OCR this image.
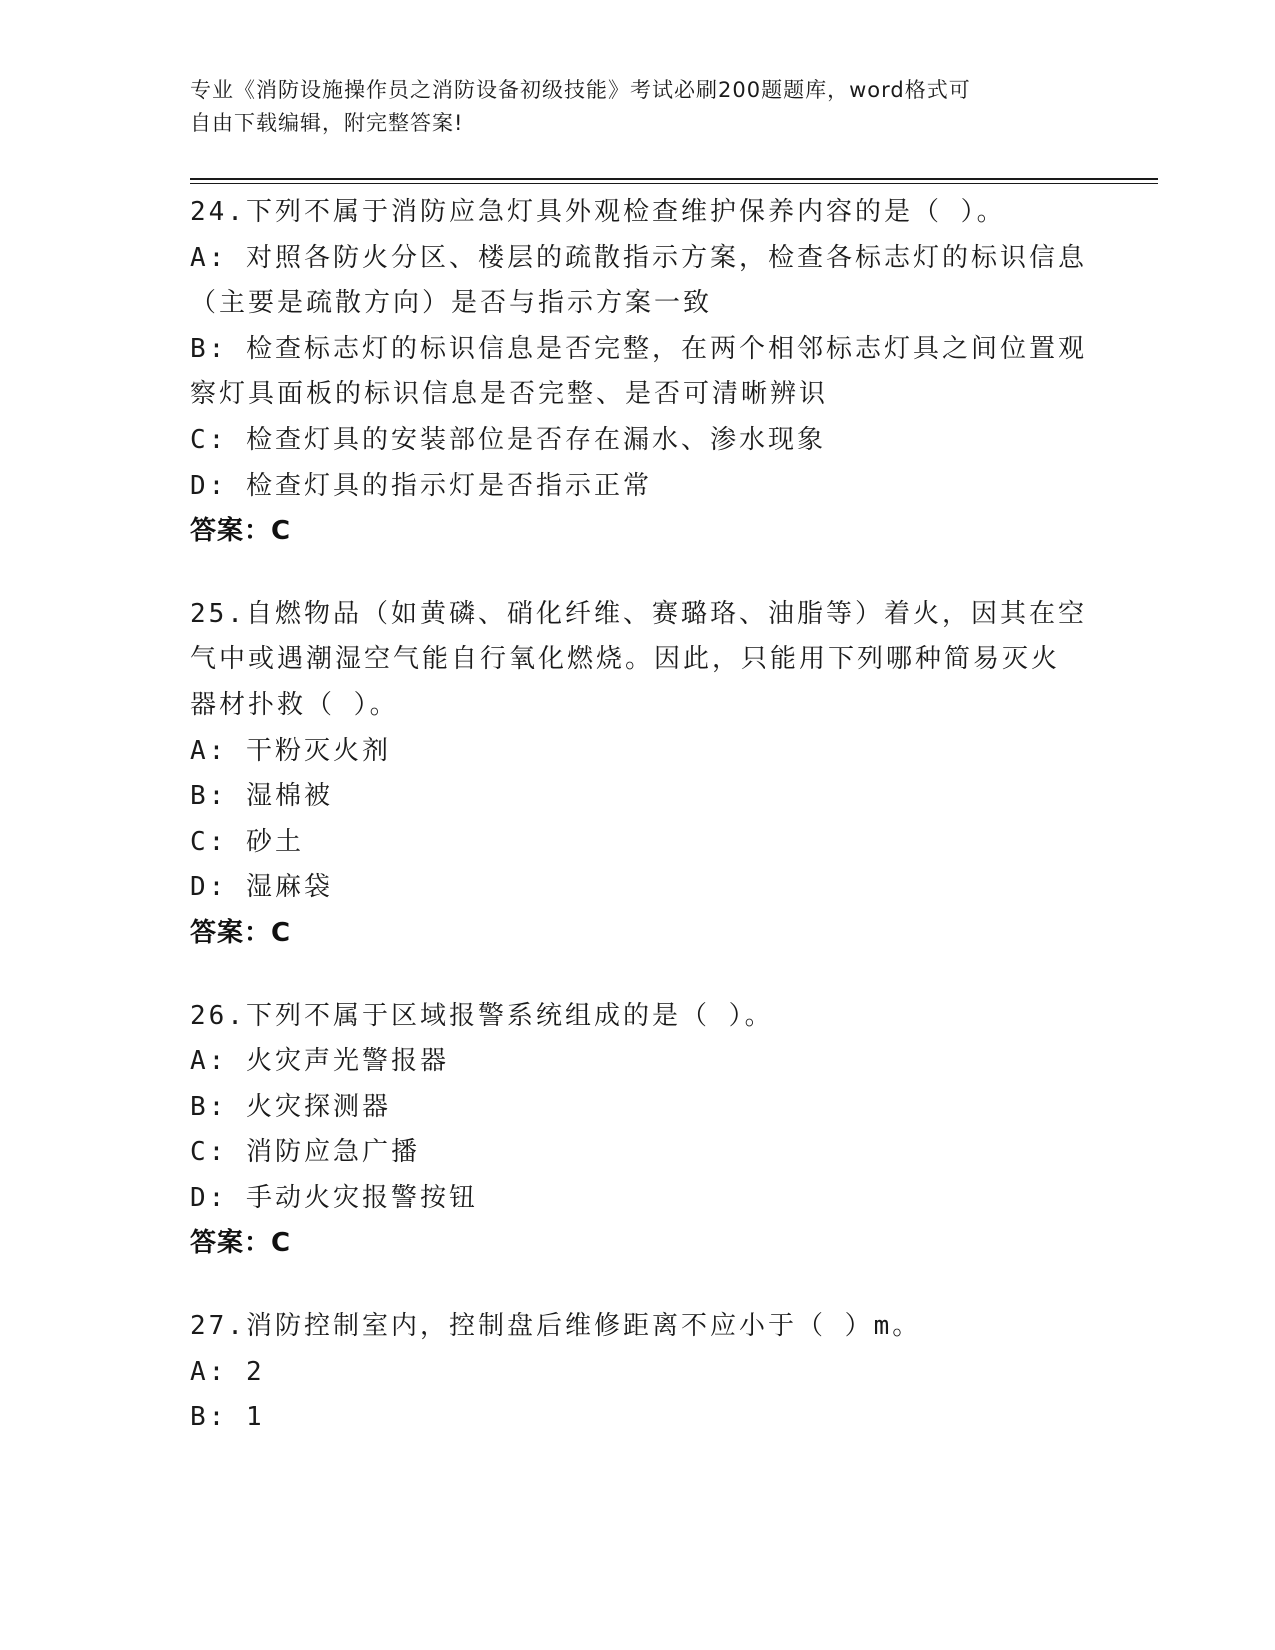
专业《消防设施操作员之消防设备初级技能》考试必刷200题题库，word格式可
自由下载编辑，附完整答案!
24.下列不属于消防应急灯具外观检查维护保养内容的是（ ）。
A: 对照各防火分区、楼层的疏散指示方案，检查各标志灯的标识信息
（主要是疏散方向）是否与指示方案一致
B: 检查标志灯的标识信息是否完整，在两个相邻标志灯具之间位置观
察灯具面板的标识信息是否完整、是否可清晰辨识
C: 检查灯具的安装部位是否存在漏水、渗水现象
D: 检查灯具的指示灯是否指示正常
答案：C
25.自燃物品（如黄磷、硝化纤维、赛璐珞、油脂等）着火，因其在空
气中或遇潮湿空气能自行氧化燃烧。因此，只能用下列哪种简易灭火
器材扑救（ ）。
A: 干粉灭火剂
B: 湿棉被
C: 砂土
D: 湿麻袋
答案：C
26.下列不属于区域报警系统组成的是（ ）。
A: 火灾声光警报器
B: 火灾探测器
C: 消防应急广播
D: 手动火灾报警按钮
答案：C
27.消防控制室内，控制盘后维修距离不应小于（ ）m。
A: 2
B: 1
